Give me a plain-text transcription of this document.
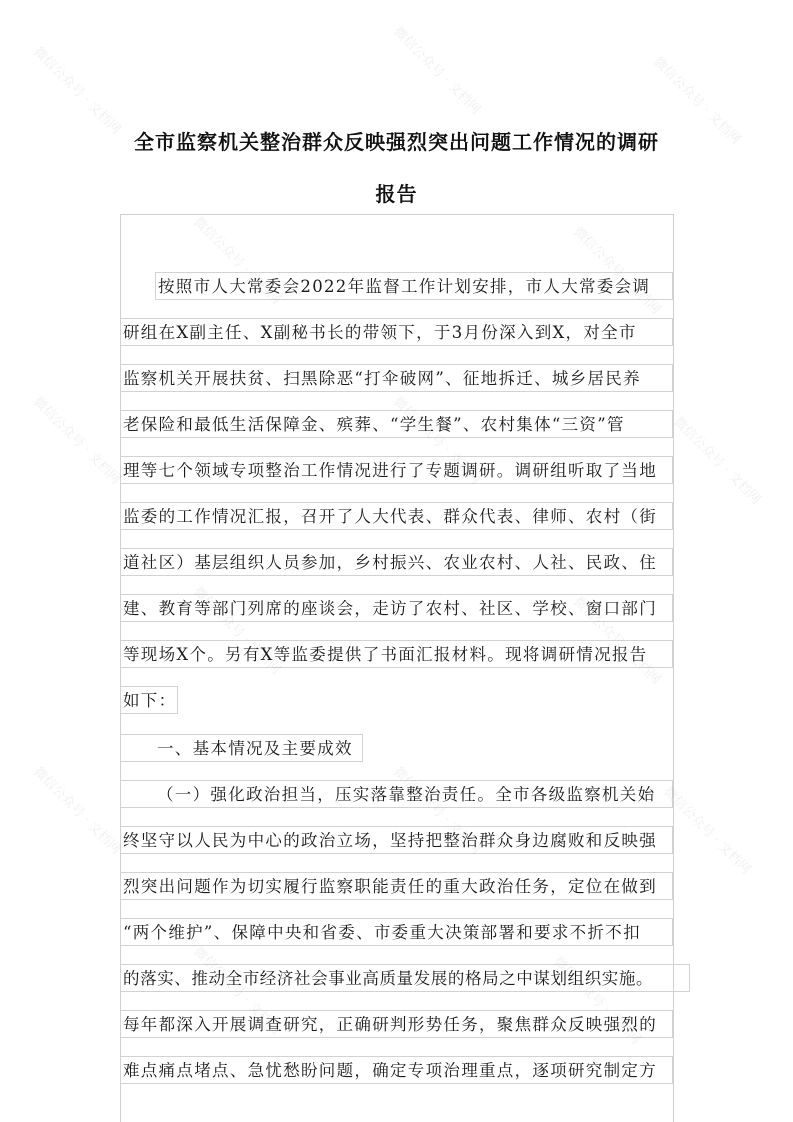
全市监察机关整治群众反映强烈突出问题工作情况的调研
报告
按照市人大常委会2022年监督工作计划安排，市人大常委会调
研组在X副主任、X副秘书长的带领下，于3月份深入到X，对全市
监察机关开展扶贫、扫黑除恶“打伞破网”、征地拆迁、城乡居民养
老保险和最低生活保障金、殡葬、“学生餐”、农村集体“三资”管
理等七个领域专项整治工作情况进行了专题调研。调研组听取了当地
监委的工作情况汇报，召开了人大代表、群众代表、律师、农村（街
道社区）基层组织人员参加，乡村振兴、农业农村、人社、民政、住
建、教育等部门列席的座谈会，走访了农村、社区、学校、窗口部门
等现场X个。另有X等监委提供了书面汇报材料。现将调研情况报告
如下：
一、基本情况及主要成效
（一）强化政治担当，压实落靠整治责任。全市各级监察机关始
终坚守以人民为中心的政治立场，坚持把整治群众身边腐败和反映强
烈突出问题作为切实履行监察职能责任的重大政治任务，定位在做到
“两个维护”、保障中央和省委、市委重大决策部署和要求不折不扣
的落实、推动全市经济社会事业高质量发展的格局之中谋划组织实施。
每年都深入开展调查研究，正确研判形势任务，聚焦群众反映强烈的
难点痛点堵点、急忧愁盼问题，确定专项治理重点，逐项研究制定方
微信公众号 · 文档网	微信公众号 · 文档网	微信公众号 · 文档网
微信公众号 · 文档网	微信公众号 · 文档网
微信公众号 · 文档网	微信公众号 · 文档网	微信公众号 · 文档网
微信公众号 · 文档网	微信公众号 · 文档网
微信公众号 · 文档网	微信公众号 · 文档网	微信公众号 · 文档网
微信公众号 · 文档网	微信公众号 · 文档网
